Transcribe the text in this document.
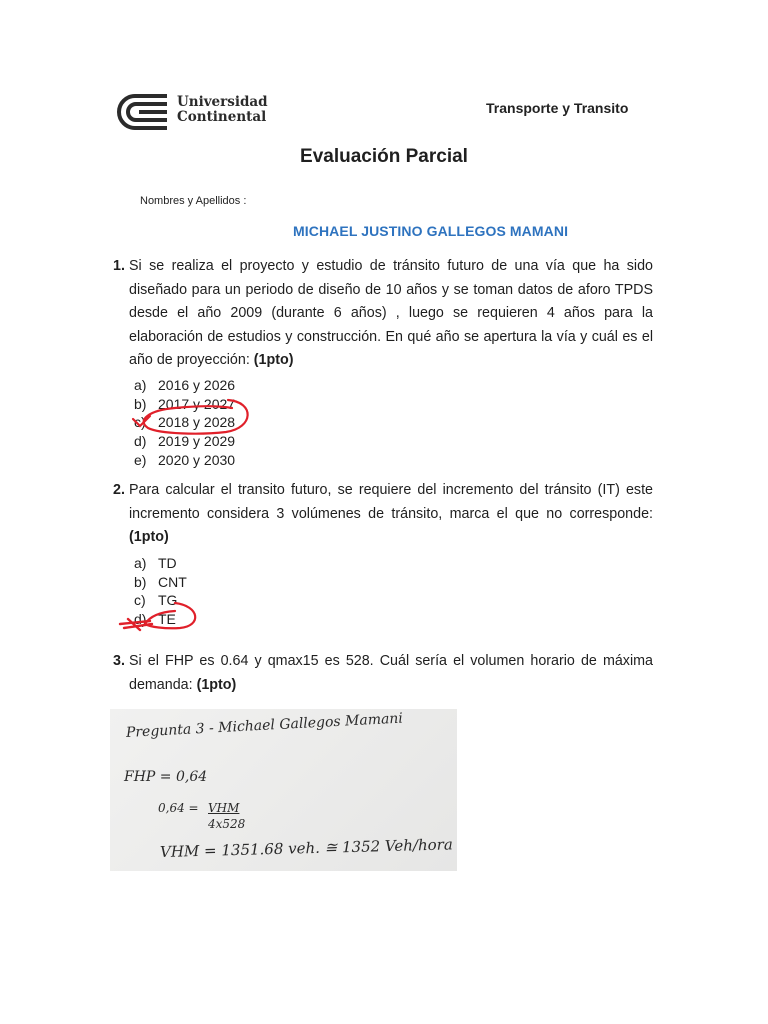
Universidad
Continental
Transporte y Transito
Evaluación Parcial
Nombres y Apellidos :
MICHAEL JUSTINO GALLEGOS MAMANI
1. Si se realiza el proyecto y estudio de tránsito futuro de una vía que ha sido diseñado para un periodo de diseño de 10 años y se toman datos de aforo TPDS desde el año 2009 (durante 6 años) , luego se requieren 4 años para la elaboración de estudios y construcción. En qué año se apertura la vía y cuál es el año de proyección: (1pto)
a) 2016 y 2026
b) 2017 y 2027
c) 2018 y 2028
d) 2019 y 2029
e) 2020 y 2030
2. Para calcular el transito futuro, se requiere del incremento del tránsito (IT) este incremento considera 3 volúmenes de tránsito, marca el que no corresponde: (1pto)
a) TD
b) CNT
c) TG
d) TE
3. Si el FHP es 0.64 y qmax15 es 528. Cuál sería el volumen horario de máxima demanda: (1pto)
Pregunta 3 - Michael Gallegos Mamani
FHP = 0,64
0,64 = VHM
4x528
VHM = 1351.68 veh. ≅ 1352 Veh/hora
